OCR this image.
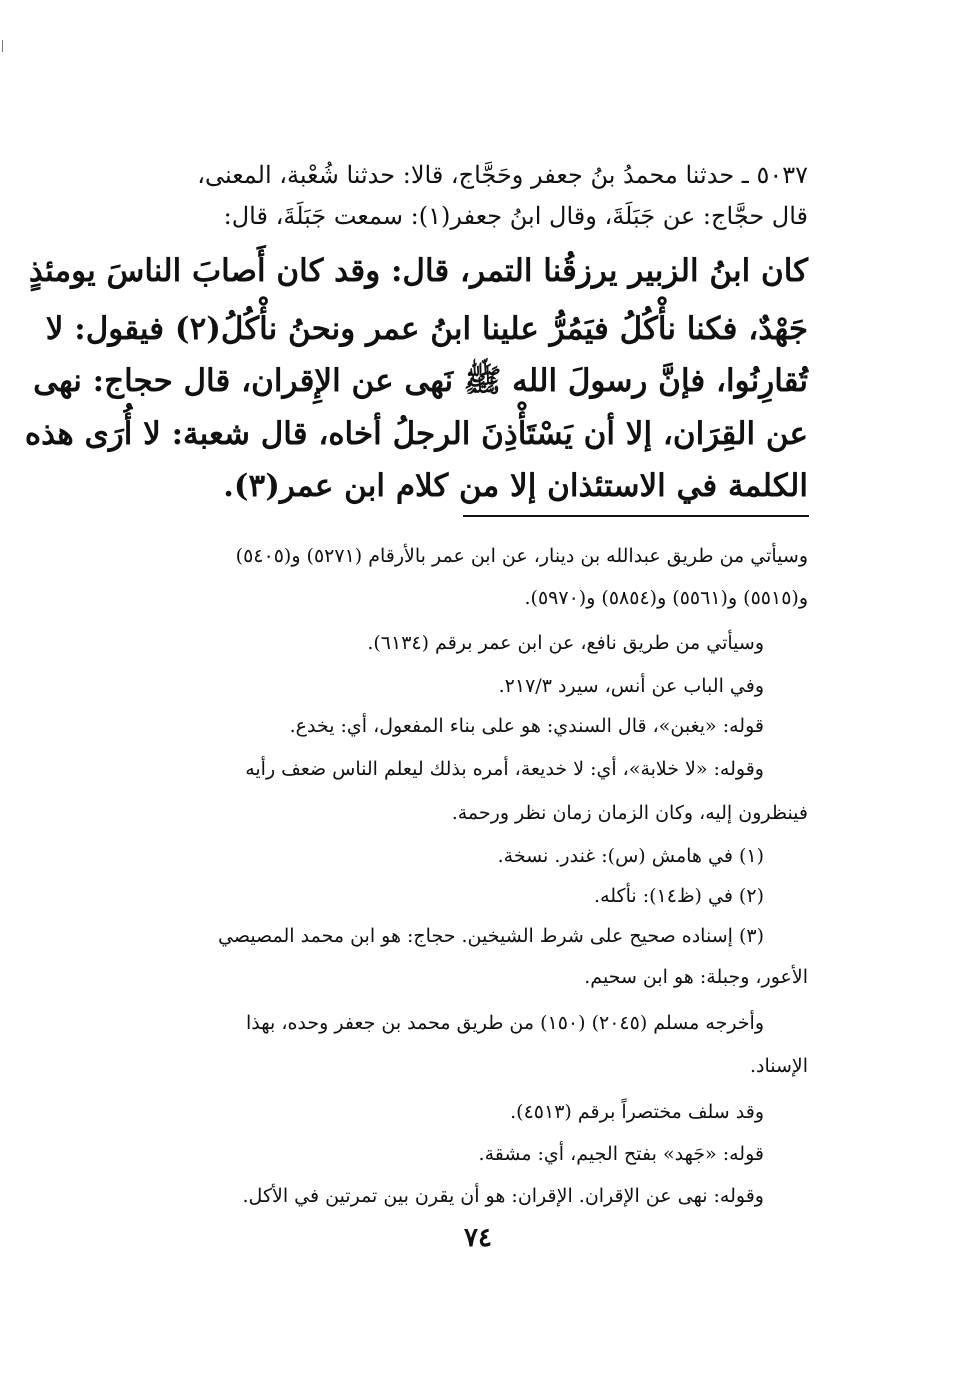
٥٠٣٧ ـ حدثنا محمدُ بنُ جعفر وحَجَّاج، قالا: حدثنا شُعْبة، المعنى،
قال حجَّاج: عن جَبَلَةَ، وقال ابنُ جعفر(١): سمعت جَبَلَةَ، قال:
كان ابنُ الزبير يرزقُنا التمر، قال: وقد كان أَصابَ الناسَ يومئذٍ
جَهْدٌ، فكنا نأْكُلُ فيَمُرُّ علينا ابنُ عمر ونحنُ نأْكُلُ(٢) فيقول: لا
تُقارِنُوا، فإنَّ رسولَ الله ﷺ نَهى عن الإِقران، قال حجاج: نهى
عن القِرَان، إلا أن يَسْتَأْذِنَ الرجلُ أخاه، قال شعبة: لا أُرَى هذه
الكلمة في الاستئذان إلا من كلام ابن عمر(٣).
وسيأتي من طريق عبدالله بن دينار، عن ابن عمر بالأرقام (٥٢٧١) و(٥٤٠٥)
و(٥٥١٥) و(٥٥٦١) و(٥٨٥٤) و(٥٩٧٠).
وسيأتي من طريق نافع، عن ابن عمر برقم (٦١٣٤).
وفي الباب عن أنس، سيرد ٢١٧/٣.
قوله: «يغبن»، قال السندي: هو على بناء المفعول، أي: يخدع.
وقوله: «لا خلابة»، أي: لا خديعة، أمره بذلك ليعلم الناس ضعف رأيه
فينظرون إليه، وكان الزمان زمان نظر ورحمة.
(١) في هامش (س): غندر. نسخة.
(٢) في (ظ١٤): نأكله.
(٣) إسناده صحيح على شرط الشيخين. حجاج: هو ابن محمد المصيصي
الأعور، وجبلة: هو ابن سحيم.
وأخرجه مسلم (٢٠٤٥) (١٥٠) من طريق محمد بن جعفر وحده، بهذا
الإسناد.
وقد سلف مختصراً برقم (٤٥١٣).
قوله: «جَهد» بفتح الجيم، أي: مشقة.
وقوله: نهى عن الإقران. الإقران: هو أن يقرن بين تمرتين في الأكل.
٧٤
